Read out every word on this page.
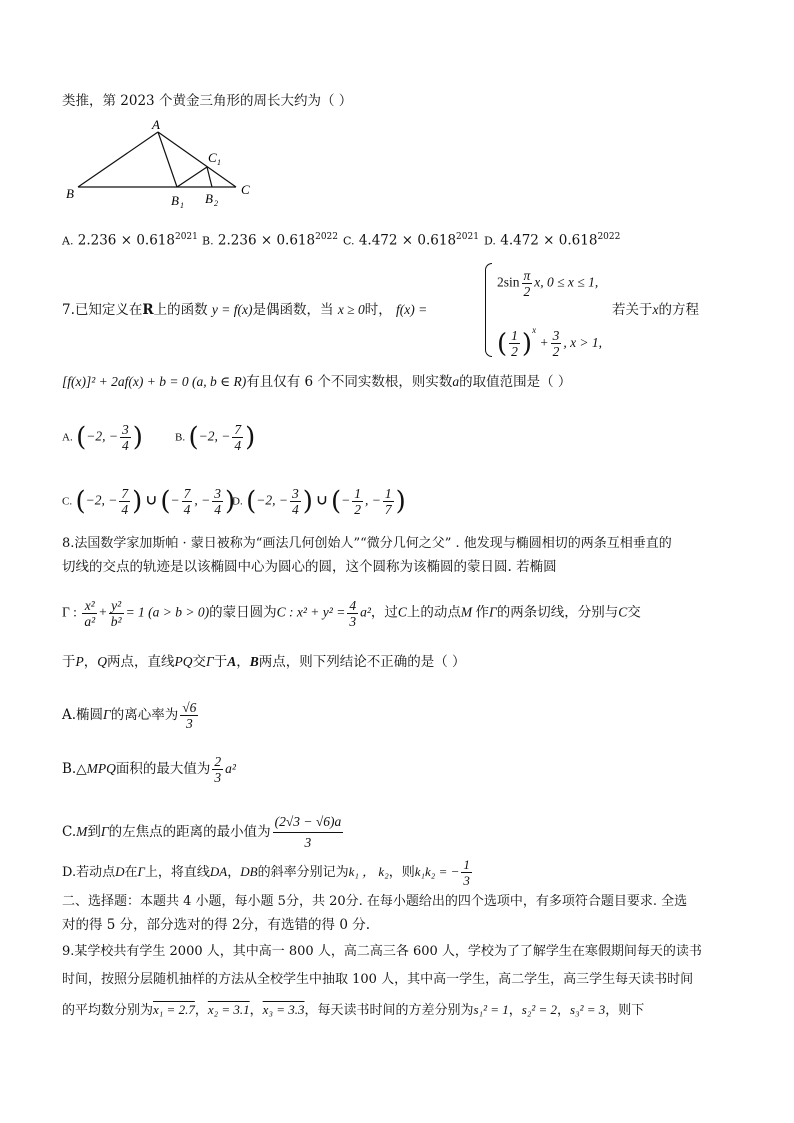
类推，第 2023 个黄金三角形的周长大约为（ ）
A
B	C
C 1
B 1 B 2
A. $2.236 \times 0.618^{2021}$ B. $2.236 \times 0.618^{2022}$ C. $4.472 \times 0.618^{2021}$ D. $4.472 \times 0.618^{2022}$
7.已知定义在R上的函数 y = f(x)是偶函数，当 x ≥ 0时， f(x) =
$2\sin \frac{\pi}{2} x$, 0 ≤ x ≤ 1,
( $\frac{1}{2} )^x + \frac{3}{2}$ , x > 1,
若关于x的方程
[f(x)]² + 2af(x) + b = 0 (a, b ∈ R)有且仅有 6 个不同实数根，则实数a的取值范围是（ ）
A. (−2, − $\frac{3}{4}$ )	B. (−2, − $\frac{7}{4}$ )
C. (−2, − $\frac{7}{4}$ ) ∪ (− $\frac{7}{4}$ , − $\frac{3}{4}$ )
D. (−2, − $\frac{3}{4}$ ) ∪ (− $\frac{1}{2}$ , − $\frac{1}{7}$ )
8.法国数学家加斯帕 · 蒙日被称为“画法几何创始人”“微分几何之父” . 他发现与椭圆相切的两条互相垂直的
切线的交点的轨迹是以该椭圆中心为圆心的圆，这个圆称为该椭圆的蒙日圆. 若椭圆
Γ : $\frac{\text{x²}}{\text{a²}} + \frac{\text{y²}}{\text{b²}} = 1$ (a > b > 0)的蒙日圆为C : $x^2 + y^2 = \frac{4}{3} a^2$，过C上的动点M 作Γ的两条切线，分别与C交
于P，Q两点，直线PQ交Γ于A，B两点，则下列结论不正确的是（ ）
A.椭圆Γ的离心率为 $\frac{√6}{3}$
B.△MPQ面积的最大值为 $\frac{2}{3} a^2$
C.M到Γ的左焦点的距离的最小值为 $\frac{(2√3 - √6)a}{3}$
D.若动点D在Γ上，将直线DA，DB的斜率分别记为k₁ ， k₂，则k₁k₂ = − $\frac{1}{3}$
二、选择题：本题共 4 小题，每小题 5分，共 20分. 在每小题给出的四个选项中，有多项符合题目要求. 全选
对的得 5 分，部分选对的得 2分，有选错的得 0 分.
9.某学校共有学生 2000 人，其中高一 800 人，高二高三各 600 人，学校为了了解学生在寒假期间每天的读书
时间，按照分层随机抽样的方法从全校学生中抽取 100 人，其中高一学生，高二学生，高三学生每天读书时间
的平均数分别为x₁ = 2.7，x₂ = 3.1，x₃ = 3.3，每天读书时间的方差分别为s₁² = 1，s₂² = 2，s₃² = 3，则下
